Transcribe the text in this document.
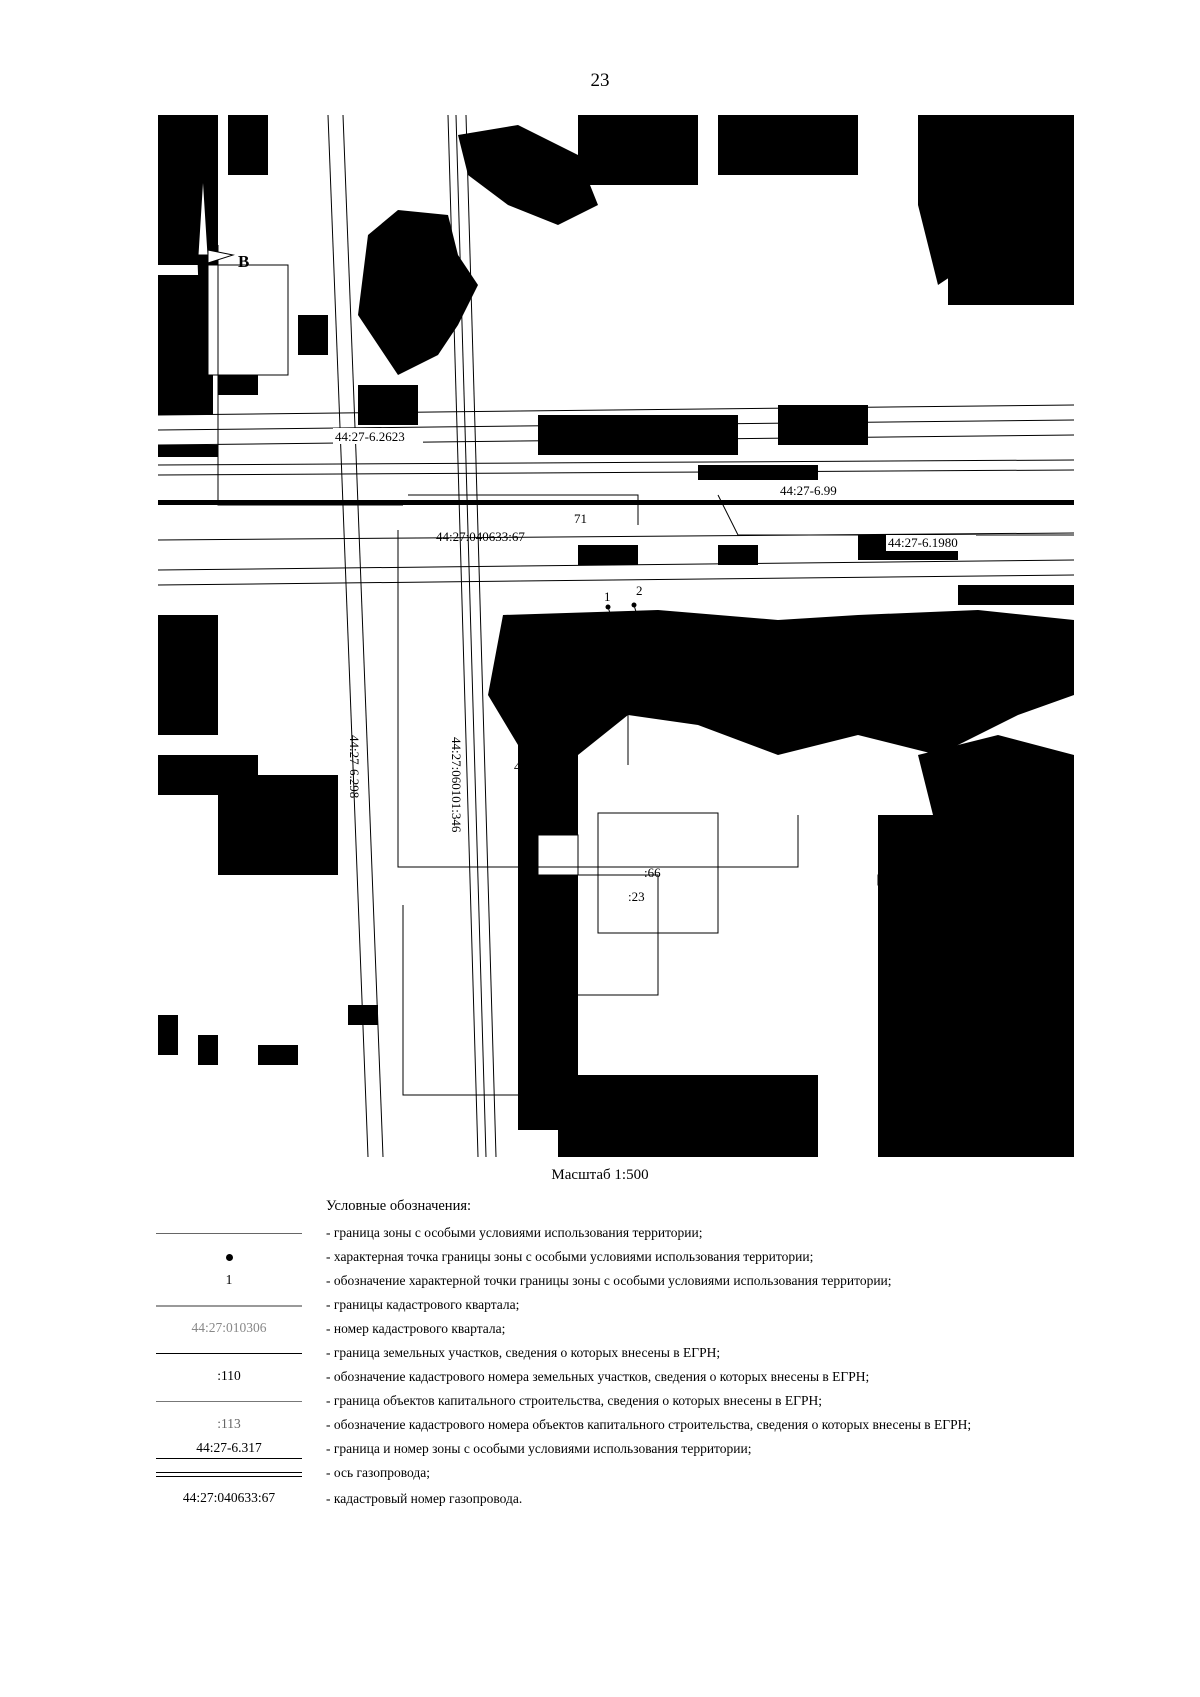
23
В
Ю
44:27-6.2623
44:27-6.99
44:27-6.1980
44:27:040633:67
71
1 2
44:27-6.298	44:27:060101:346	44:27-6.1
:22
:2
:66
:23
Масштаб 1:500
Условные обозначения:
- граница зоны с особыми условиями использования территории;
- характерная точка границы зоны с особыми условиями использования территории;
1	- обозначение характерной точки границы зоны с особыми условиями использования территории;
- границы кадастрового квартала;
44:27:010306	- номер кадастрового квартала;
- граница земельных участков, сведения о которых внесены в ЕГРН;
:110	- обозначение кадастрового номера земельных участков, сведения о которых внесены в ЕГРН;
- граница объектов капитального строительства, сведения о которых внесены в ЕГРН;
:113	- обозначение кадастрового номера объектов капитального строительства, сведения о которых внесены в ЕГРН;
44:27-6.317	- граница и номер зоны с особыми условиями использования территории;
- ось газопровода;
44:27:040633:67	- кадастровый номер газопровода.
